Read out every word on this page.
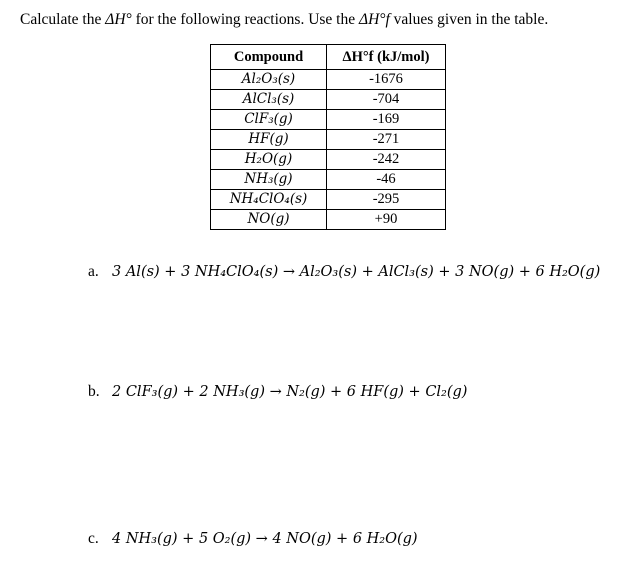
Calculate the ΔH° for the following reactions. Use the ΔH°f values given in the table.
Compound	ΔH°f (kJ/mol)
Al₂O₃(s)	-1676
AlCl₃(s)	-704
ClF₃(g)	-169
HF(g)	-271
H₂O(g)	-242
NH₃(g)	-46
NH₄ClO₄(s)	-295
NO(g)	+90
a. 3 Al(s) + 3 NH₄ClO₄(s) → Al₂O₃(s) + AlCl₃(s) + 3 NO(g) + 6 H₂O(g)
b. 2 ClF₃(g) + 2 NH₃(g) → N₂(g) + 6 HF(g) + Cl₂(g)
c. 4 NH₃(g) + 5 O₂(g) → 4 NO(g) + 6 H₂O(g)
